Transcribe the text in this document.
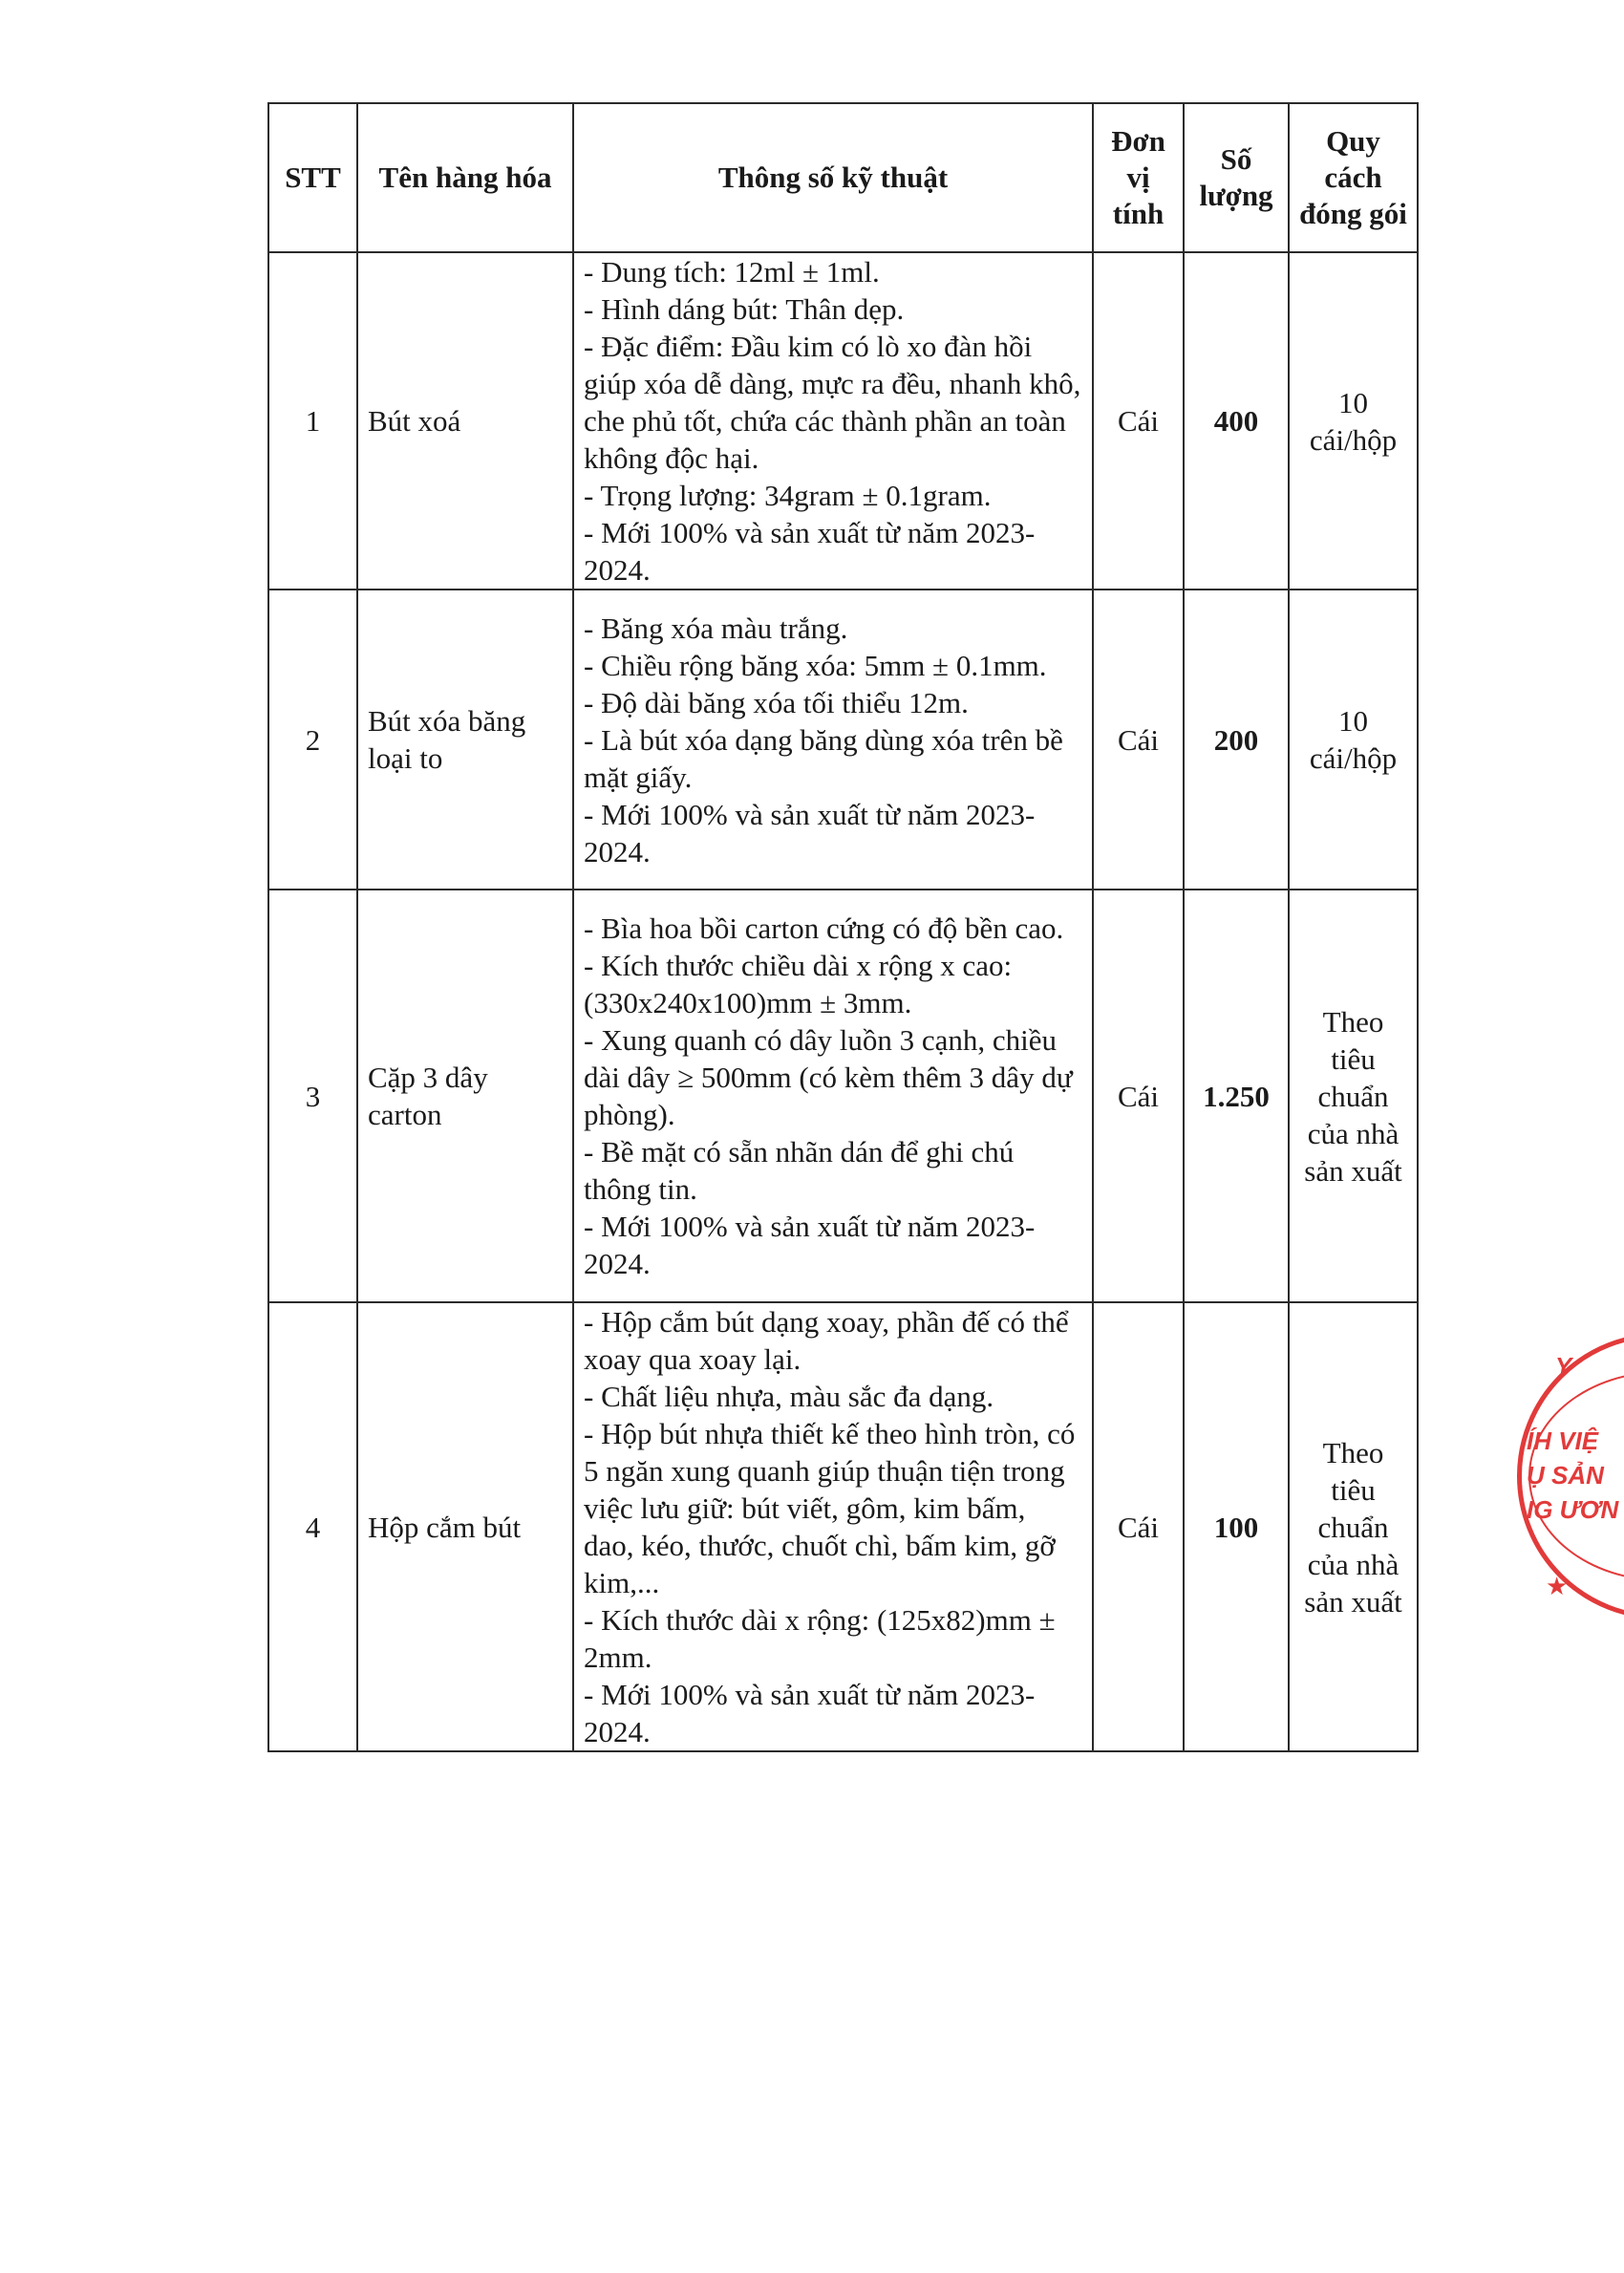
STT	Tên hàng hóa	Thông số kỹ thuật	Đơn vị tính	Số lượng	Quy cách đóng gói
1	Bút xoá	- Dung tích: 12ml ± 1ml.
- Hình dáng bút: Thân dẹp.
- Đặc điểm: Đầu kim có lò xo đàn hồi giúp xóa dễ dàng, mực ra đều, nhanh khô, che phủ tốt, chứa các thành phần an toàn không độc hại.
- Trọng lượng: 34gram ± 0.1gram.
- Mới 100% và sản xuất từ năm 2023- 2024.	Cái	400	10 cái/hộp

2	Bút xóa băng loại to	- Băng xóa màu trắng.
- Chiều rộng băng xóa: 5mm ± 0.1mm.
- Độ dài băng xóa tối thiểu 12m.
- Là bút xóa dạng băng dùng xóa trên bề mặt giấy.
- Mới 100% và sản xuất từ năm 2023- 2024.	Cái	200	10 cái/hộp

3	Cặp 3 dây carton	- Bìa hoa bồi carton cứng có độ bền cao.
- Kích thước chiều dài x rộng x cao: (330x240x100)mm ± 3mm.
- Xung quanh có dây luồn 3 cạnh, chiều dài dây ≥ 500mm (có kèm thêm 3 dây dự phòng).
- Bề mặt có sẵn nhãn dán để ghi chú thông tin.
- Mới 100% và sản xuất từ năm 2023- 2024.	Cái	1.250	Theo tiêu chuẩn của nhà sản xuất

4	Hộp cắm bút	- Hộp cắm bút dạng xoay, phần đế có thể xoay qua xoay lại.
- Chất liệu nhựa, màu sắc đa dạng.
- Hộp bút nhựa thiết kế theo hình tròn, có 5 ngăn xung quanh giúp thuận tiện trong việc lưu giữ: bút viết, gôm, kim bấm, dao, kéo, thước, chuốt chì, bấm kim, gỡ kim,...
- Kích thước dài x rộng: (125x82)mm ± 2mm.
- Mới 100% và sản xuất từ năm 2023- 2024.	Cái	100	Theo tiêu chuẩn của nhà sản xuất
Y
ÍH VIỆ
Ụ SẢN
IG ƯƠN
★
